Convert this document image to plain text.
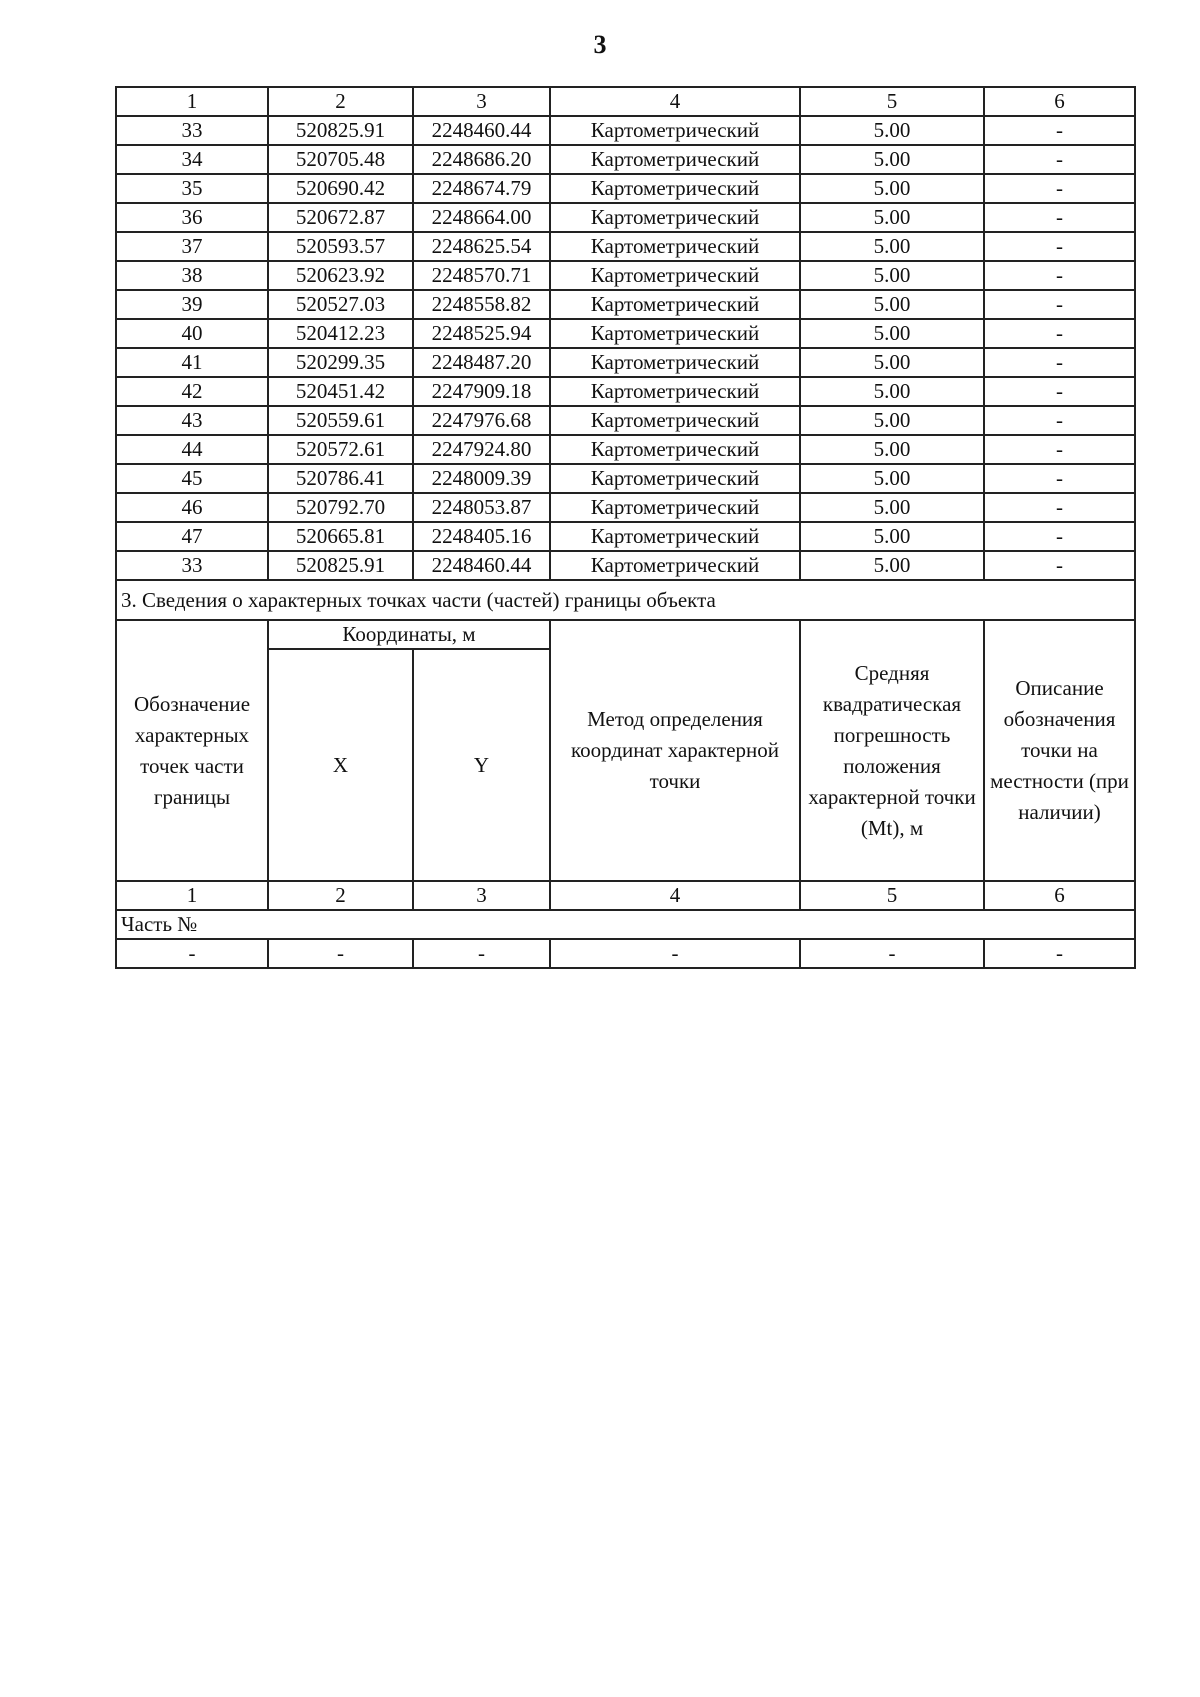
3
1	2	3	4	5	6
33	520825.91	2248460.44	Картометрический	5.00	-
34	520705.48	2248686.20	Картометрический	5.00	-
35	520690.42	2248674.79	Картометрический	5.00	-
36	520672.87	2248664.00	Картометрический	5.00	-
37	520593.57	2248625.54	Картометрический	5.00	-
38	520623.92	2248570.71	Картометрический	5.00	-
39	520527.03	2248558.82	Картометрический	5.00	-
40	520412.23	2248525.94	Картометрический	5.00	-
41	520299.35	2248487.20	Картометрический	5.00	-
42	520451.42	2247909.18	Картометрический	5.00	-
43	520559.61	2247976.68	Картометрический	5.00	-
44	520572.61	2247924.80	Картометрический	5.00	-
45	520786.41	2248009.39	Картометрический	5.00	-
46	520792.70	2248053.87	Картометрический	5.00	-
47	520665.81	2248405.16	Картометрический	5.00	-
33	520825.91	2248460.44	Картометрический	5.00	-
3. Сведения о характерных точках части (частей) границы объекта					
Обозначение характерных точек части границы	Координаты, м		Метод определения координат характерной точки	Средняя квадратическая погрешность положения характерной точки (Mt), м	Описание обозначения точки на местности (при наличии)
	X	Y			
1	2	3	4	5	6
Часть №					
-	-	-	-	-	-
